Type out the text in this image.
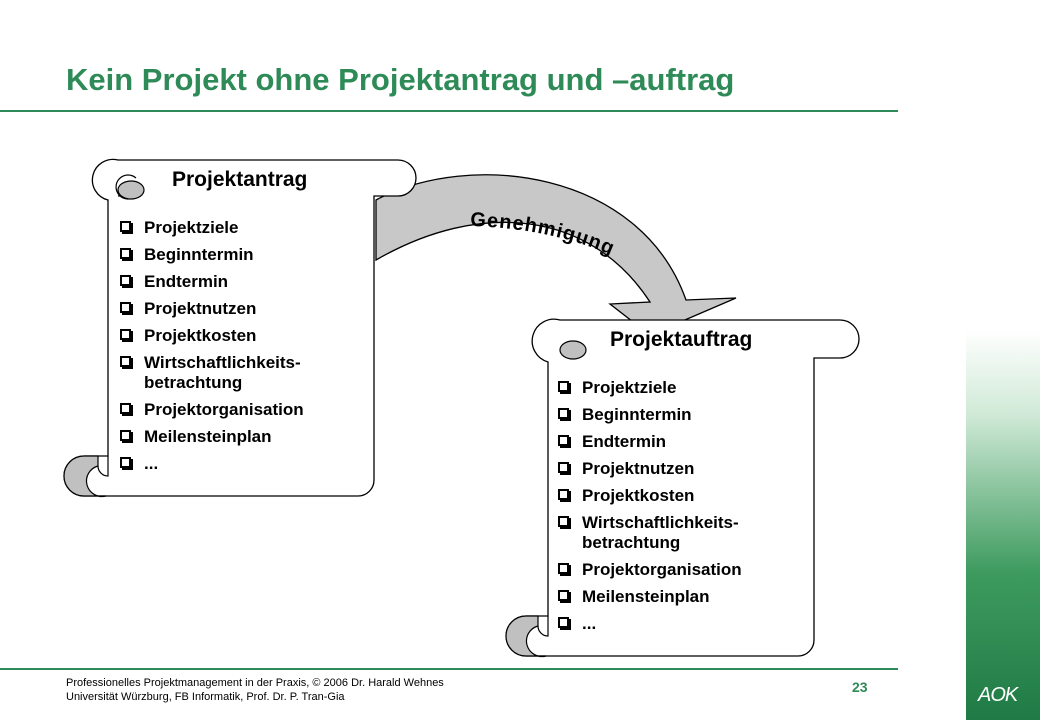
Kein Projekt ohne Projektantrag und –auftrag
Genehmigung
Projektantrag
Projektziele
Beginntermin
Endtermin
Projektnutzen
Projektkosten
Wirtschaftlichkeits-
betrachtung
Projektorganisation
Meilensteinplan
...
Projektauftrag
Projektziele
Beginntermin
Endtermin
Projektnutzen
Projektkosten
Wirtschaftlichkeits-
betrachtung
Projektorganisation
Meilensteinplan
...
Professionelles Projektmanagement in der Praxis, © 2006 Dr. Harald Wehnes
Universität Würzburg, FB Informatik, Prof. Dr. P. Tran-Gia
23	AOK
